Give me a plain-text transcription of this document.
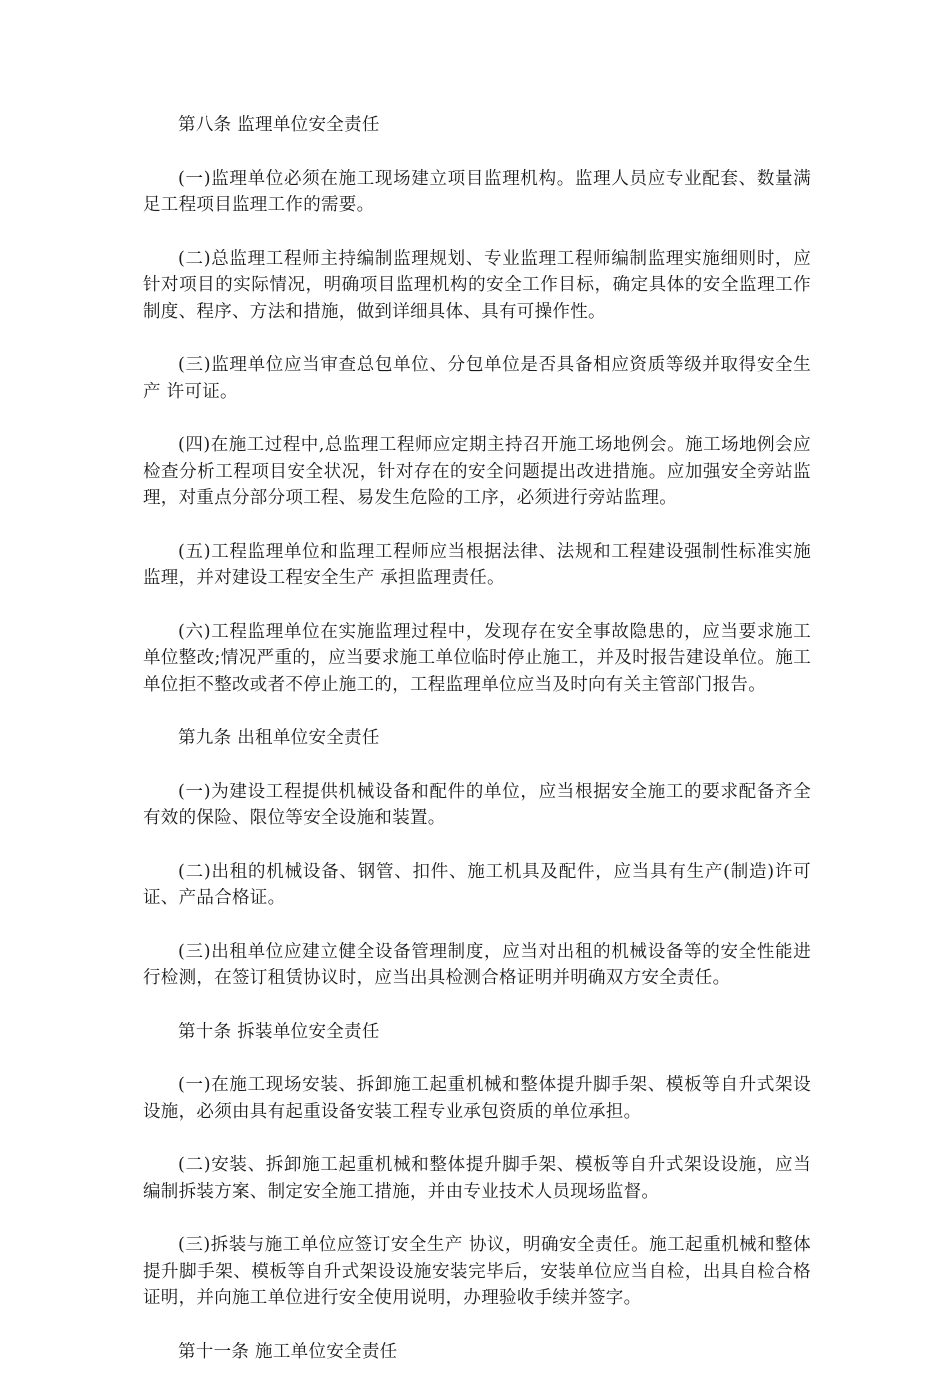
第八条 监理单位安全责任

(一)监理单位必须在施工现场建立项目监理机构。监理人员应专业配套、数量满足工程项目监理工作的需要。

(二)总监理工程师主持编制监理规划、专业监理工程师编制监理实施细则时，应针对项目的实际情况，明确项目监理机构的安全工作目标，确定具体的安全监理工作制度、程序、方法和措施，做到详细具体、具有可操作性。

(三)监理单位应当审查总包单位、分包单位是否具备相应资质等级并取得安全生产 许可证。

(四)在施工过程中,总监理工程师应定期主持召开施工场地例会。施工场地例会应检查分析工程项目安全状况，针对存在的安全问题提出改进措施。应加强安全旁站监理，对重点分部分项工程、易发生危险的工序，必须进行旁站监理。

(五)工程监理单位和监理工程师应当根据法律、法规和工程建设强制性标准实施监理，并对建设工程安全生产 承担监理责任。

(六)工程监理单位在实施监理过程中，发现存在安全事故隐患的，应当要求施工单位整改;情况严重的，应当要求施工单位临时停止施工，并及时报告建设单位。施工单位拒不整改或者不停止施工的，工程监理单位应当及时向有关主管部门报告。

第九条 出租单位安全责任

(一)为建设工程提供机械设备和配件的单位，应当根据安全施工的要求配备齐全有效的保险、限位等安全设施和装置。

(二)出租的机械设备、钢管、扣件、施工机具及配件，应当具有生产(制造)许可证、产品合格证。

(三)出租单位应建立健全设备管理制度，应当对出租的机械设备等的安全性能进行检测，在签订租赁协议时，应当出具检测合格证明并明确双方安全责任。

第十条 拆装单位安全责任

(一)在施工现场安装、拆卸施工起重机械和整体提升脚手架、模板等自升式架设设施，必须由具有起重设备安装工程专业承包资质的单位承担。

(二)安装、拆卸施工起重机械和整体提升脚手架、模板等自升式架设设施，应当编制拆装方案、制定安全施工措施，并由专业技术人员现场监督。

(三)拆装与施工单位应签订安全生产 协议，明确安全责任。施工起重机械和整体提升脚手架、模板等自升式架设设施安装完毕后，安装单位应当自检，出具自检合格证明，并向施工单位进行安全使用说明，办理验收手续并签字。

第十一条 施工单位安全责任
